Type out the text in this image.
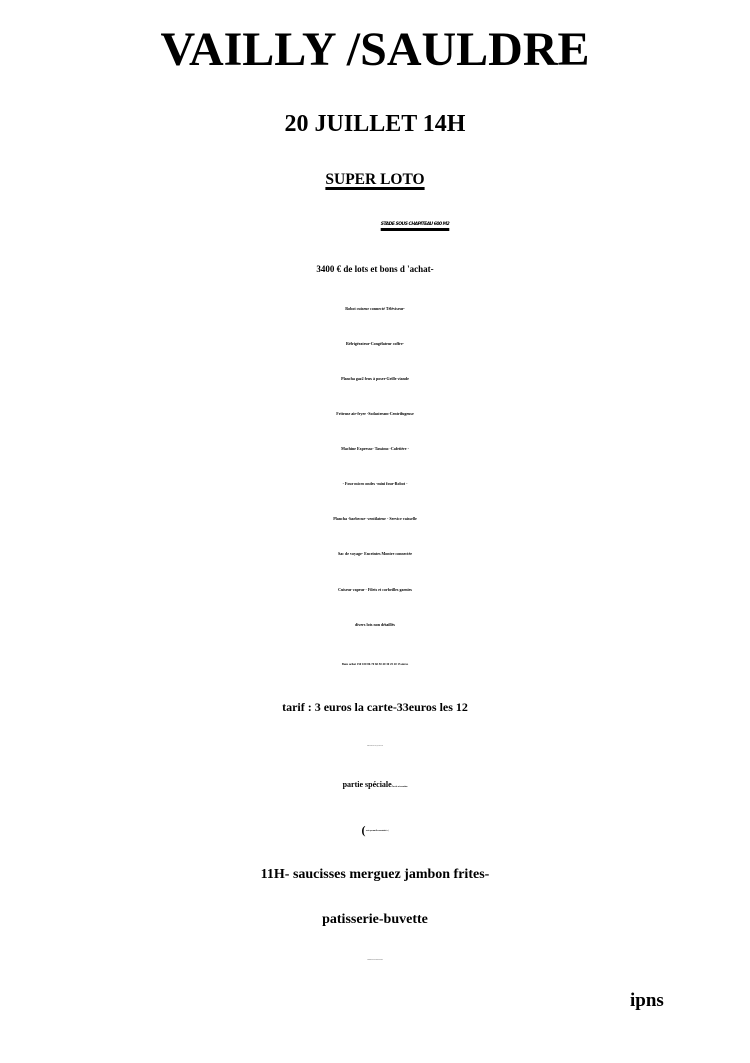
VAILLY /SAULDRE
20 JUILLET 14H
SUPER LOTO
STADE SOUS CHAPITEAU 600 M2
3400 € de lots et bons d 'achat-
Robot cuiseur connecté Téléviseur-
Réfrigérateur-Congélateur coffre-
Plancha gaz2 feux à poser-Grille viande
Friteuse air-fryer -Sodastream-Centrifugeuse
Machine Expresso- Tassimo -Cafetière -
- Four micro ondes -mini four-Robot -
Plancha -barbecue- ventilateur - Service vaisselle
Sac de voyage- Enceintes Montre connectée
Cuiseur vapeur - Filets et corbeilles garnies
divers lots non détaillés
Bons achat 150 100 80-70 60 50 40 30 25 20 15 euros
tarif : 3 euros la carte-33euros les 12
bingo 5 euros les 4 ou 1,50 euros l 'un
partie spéciale  Pas de réservation
( cartes personnelles non autorisées )
11H- saucisses merguez jambon frites-
patisserie-buvette
paiement par carte bancaire accepté
ipns
